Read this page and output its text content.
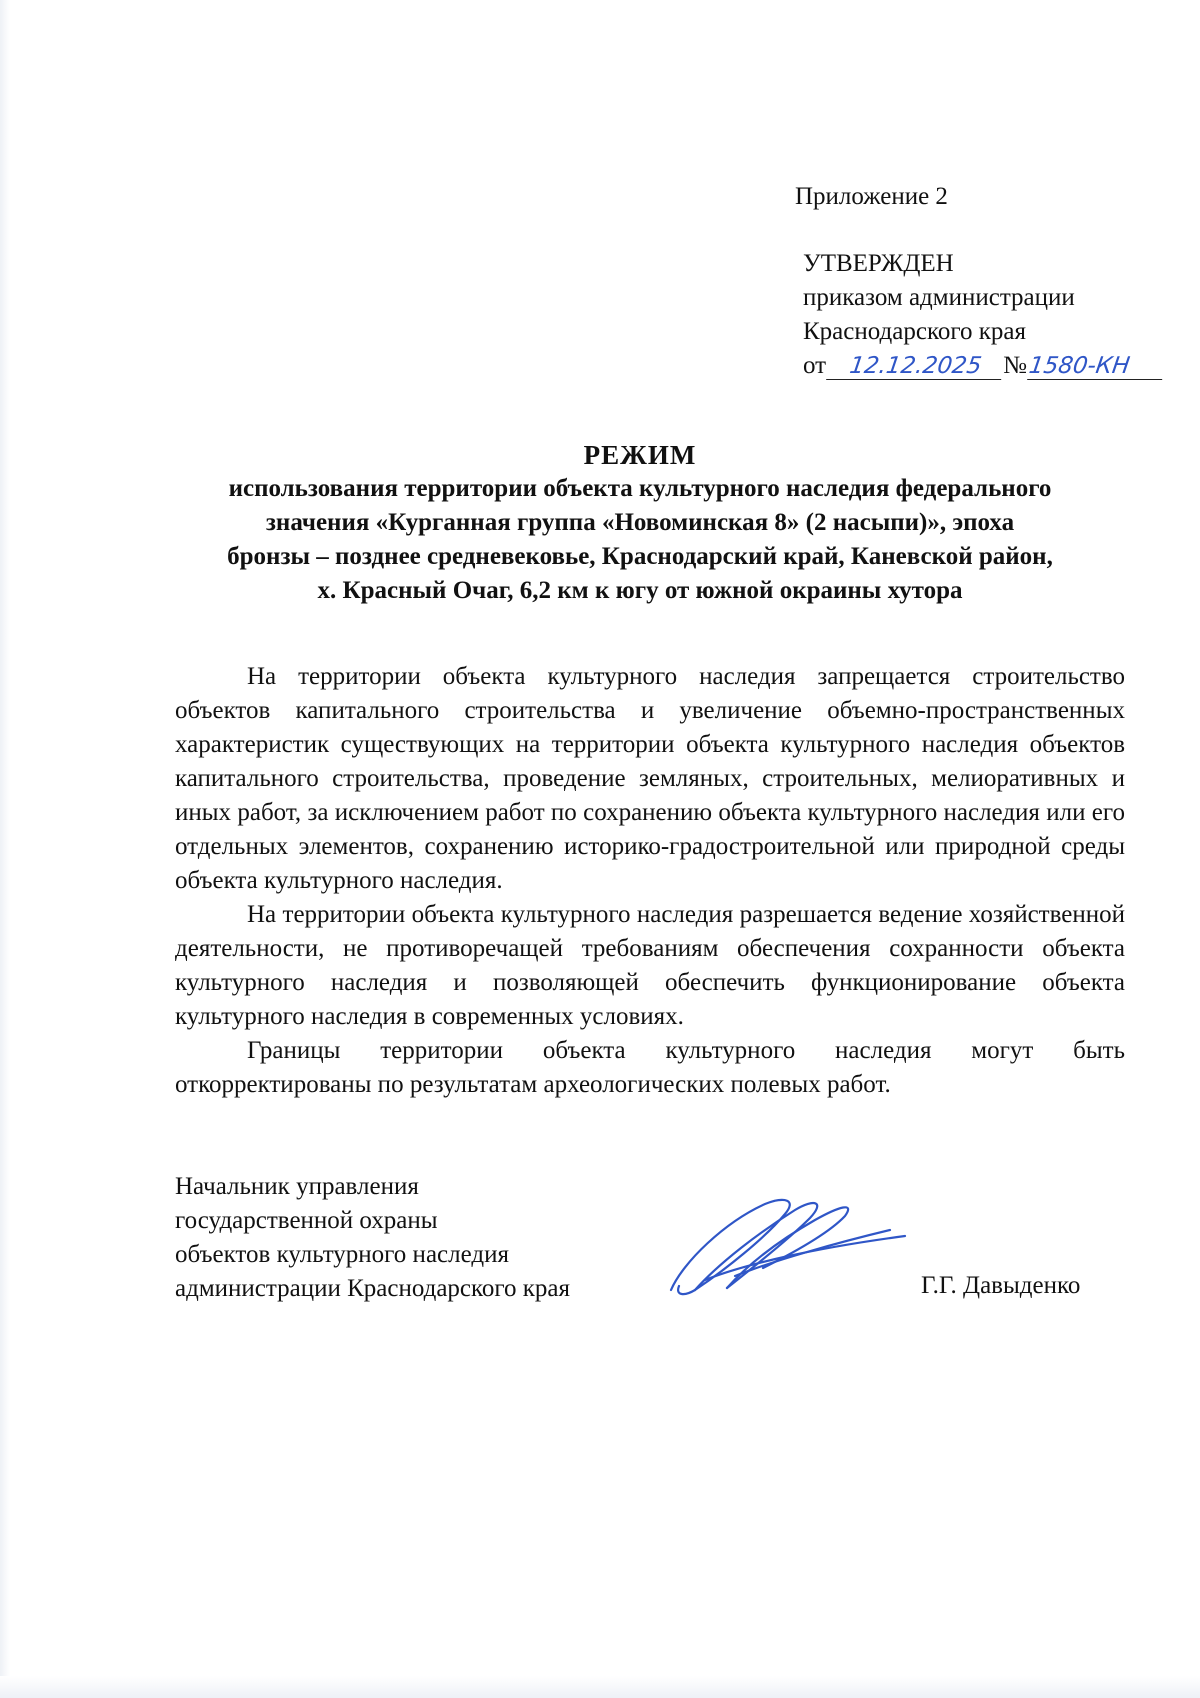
Приложение 2
УТВЕРЖДЕН
приказом администрации
Краснодарского края
от 12.12.2025 №1580-КН
РЕЖИМ
использования территории объекта культурного наследия федерального
значения «Курганная группа «Новоминская 8» (2 насыпи)», эпоха
бронзы – позднее средневековье, Краснодарский край, Каневской район,
х. Красный Очаг, 6,2 км к югу от южной окраины хутора

На территории объекта культурного наследия запрещается строительство объектов капитального строительства и увеличение объемно-пространственных характеристик существующих на территории объекта культурного наследия объектов капитального строительства, проведение земляных, строительных, мелиоративных и иных работ, за исключением работ по сохранению объекта культурного наследия или его отдельных элементов, сохранению историко-градостроительной или природной среды объекта культурного наследия.

На территории объекта культурного наследия разрешается ведение хозяйственной деятельности, не противоречащей требованиям обеспечения сохранности объекта культурного наследия и позволяющей обеспечить функционирование объекта культурного наследия в современных условиях.

Границы территории объекта культурного наследия могут быть откорректированы по результатам археологических полевых работ.

Начальник управления
государственной охраны
объектов культурного наследия
администрации Краснодарского края	Г.Г. Давыденко
